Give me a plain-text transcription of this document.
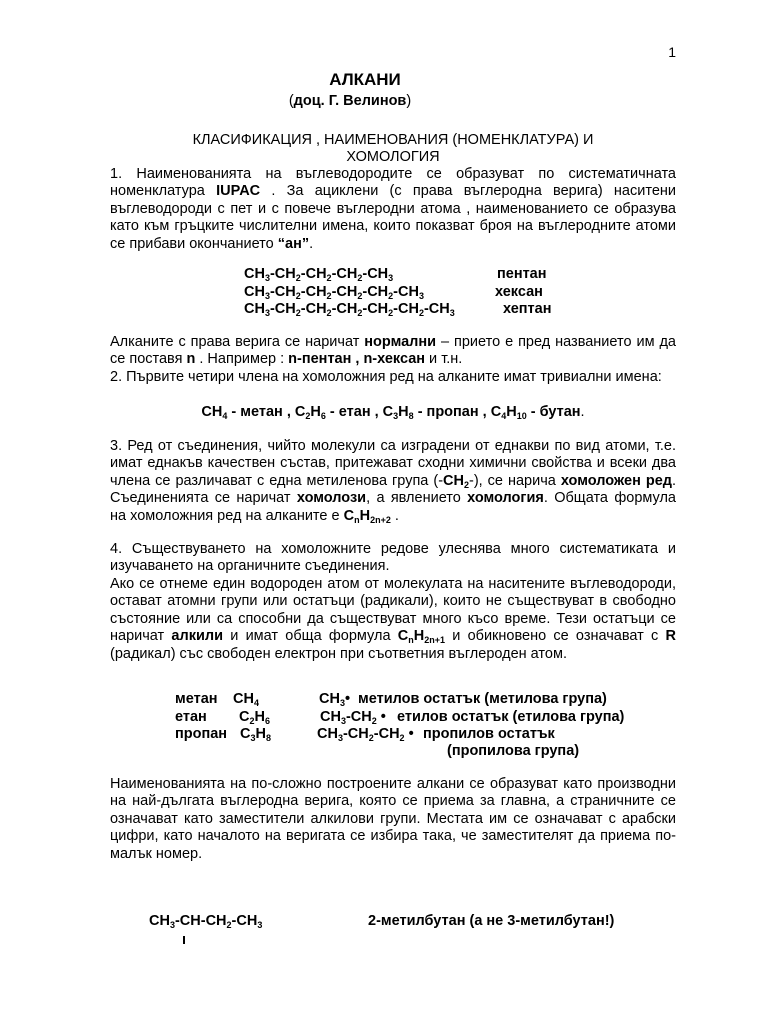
1
АЛКАНИ
(доц. Г. Велинов)
КЛАСИФИКАЦИЯ , НАИМЕНОВАНИЯ (НОМЕНКЛАТУРА) И
ХОМОЛОГИЯ
1. Наименованията на въглеводородите се образуват по систематичната номенклатура IUPAC . За ациклени (с права въглеродна верига) наситени въглеводороди с пет и с повече въглеродни атома , наименованието се образува като към гръцките числителни имена, които показват броя на въглеродните атоми се прибави окончанието “ан”.
$CH_3-CH_2-CH_2-CH_2-CH_3$	пентан
$CH_3-CH_2-CH_2-CH_2-CH_2-CH_3$	хексан
$CH_3-CH_2-CH_2-CH_2-CH_2-CH_2-CH_3$	хептан
Алканите с права верига се наричат нормални – прието е пред названието им да се поставя n . Например : n-пентан , n-хексан и т.н.
2. Първите четири члена на хомоложния ред на алканите имат тривиални имена:
$CH_4$ - метан , $C_2H_6$ - етан , $C_3H_8$ - пропан , $C_4H_{10}$ - бутан.
3. Ред от съединения, чийто молекули са изградени от еднакви по вид атоми, т.е. имат еднакъв качествен състав, притежават сходни химични свойства и всеки два члена се различават с една метиленова група $(-CH_2-)$, се нарича хомоложен ред. Съединенията се наричат хомолози, а явлението хомология. Общата формула на хомоложния ред на алканите е $C_nH_{2n+2}$ .
4. Съществуването на хомоложните редове улеснява много систематиката и изучаването на органичните съединения.
Ако се отнеме един водороден атом от молекулата на наситените въглеводороди, остават атомни групи или остатъци (радикали), които не съществуват в свободно състояние или са способни да съществуват много късо време. Тези остатъци се наричат алкили и имат обща формула $C_nH_{2n+1}$ и обикновено се означават с R (радикал) със свободен електрон при съответния въглероден атом.
метан $CH_4$	$CH_3•$ метилов остатък (метилова група)
етан $C_2H_6$	$CH_3-CH_2$ • етилов остатък (етилова група)
пропан $C_3H_8$	$CH_3-CH_2-CH_2$ • пропилов остатък
(пропилова група)
Наименованията на по-сложно построените алкани се образуват като производни на най-дългата въглеродна верига, която се приема за главна, а страничните се означават като заместители алкилови групи. Местата им се означават с арабски цифри, като началото на веригата се избира така, че заместителят да приема по-малък номер.
$CH_3-CH-CH_2-CH_3$	2-метилбутан (а не 3-метилбутан!)
